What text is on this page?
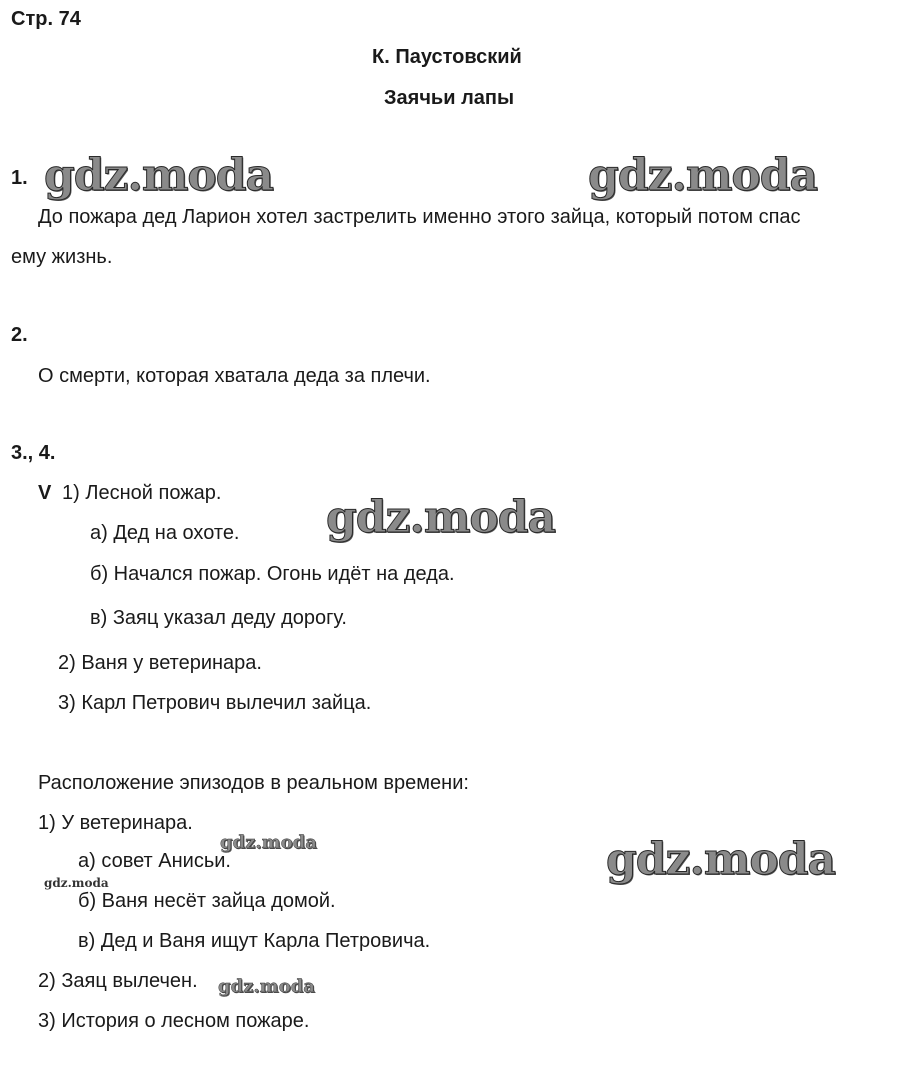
Стр. 74
К. Паустовский
Заячьи лапы
1.
До пожара дед Ларион хотел застрелить именно этого зайца, который потом спас
ему жизнь.
2.
О смерти, которая хватала деда за плечи.
3., 4.
V 1) Лесной пожар.
а) Дед на охоте.
б) Начался пожар. Огонь идёт на деда.
в) Заяц указал деду дорогу.
2) Ваня у ветеринара.
3) Карл Петрович вылечил зайца.
Расположение эпизодов в реальном времени:
1) У ветеринара.
а) совет Анисьи.
б) Ваня несёт зайца домой.
в) Дед и Ваня ищут Карла Петровича.
2) Заяц вылечен.
3) История о лесном пожаре.
gdz.moda	gdz.moda
gdz.moda
gdz.moda
gdz.moda
gdz.moda
gdz.moda
